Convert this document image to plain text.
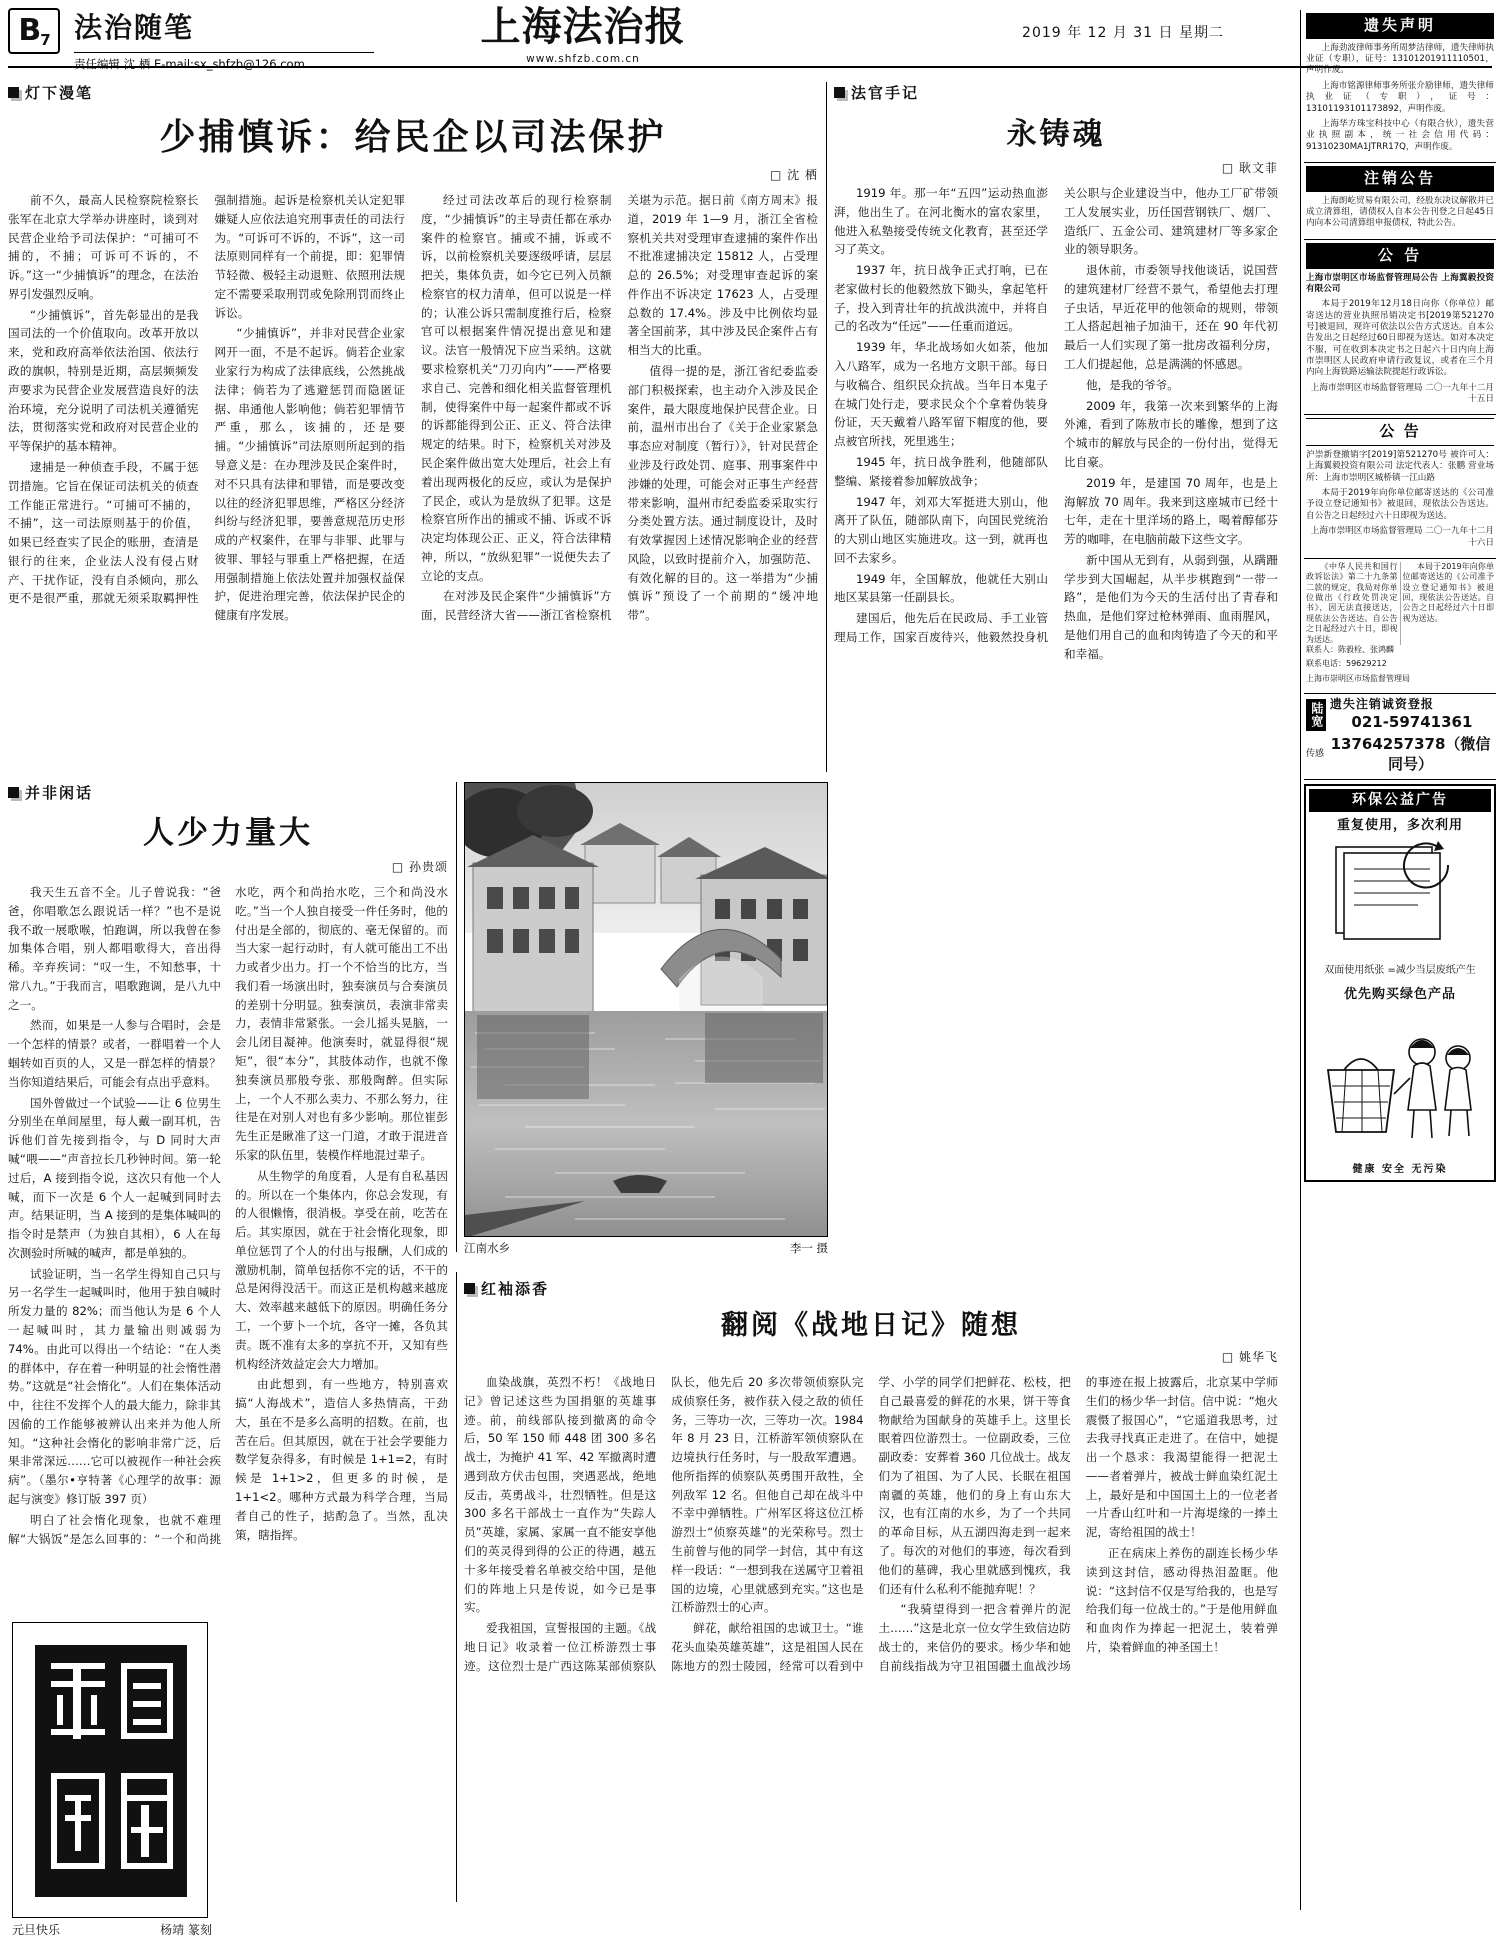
B 7 法治随笔
责任编辑 沈 栖 E-mail:sx_shfzb@126.com
上海法治报
www.shfzb.com.cn
2019 年 12 月 31 日 星期二
灯下漫笔
少捕慎诉：给民企以司法保护
□ 沈 栖

前不久，最高人民检察院检察长张军在北京大学举办讲座时，谈到对民营企业给予司法保护：“可捕可不捕的，不捕；可诉可不诉的，不诉。”这一“少捕慎诉”的理念，在法治界引发强烈反响。

“少捕慎诉”，首先彰显出的是我国司法的一个价值取向。改革开放以来，党和政府高举依法治国、依法行政的旗帜，特别是近期，高层频频发声要求为民营企业发展营造良好的法治环境，充分说明了司法机关遵循宪法，贯彻落实党和政府对民营企业的平等保护的基本精神。

逮捕是一种侦查手段，不属于惩罚措施。它旨在保证司法机关的侦查工作能正常进行。“可捕可不捕的，不捕”，这一司法原则基于的价值，如果已经查实了民企的账册，查清是银行的往来，企业法人没有侵占财产、干扰作证，没有自杀倾向，那么更不是很严重，那就无须采取羁押性强制措施。起诉是检察机关认定犯罪嫌疑人应依法追究刑事责任的司法行为。“可诉可不诉的，不诉”，这一司法原则同样有一个前提，即：犯罪情节轻微、极轻主动退赃、依照刑法规定不需要采取刑罚或免除刑罚而终止诉讼。

“少捕慎诉”，并非对民营企业家网开一面，不是不起诉。倘若企业家业家行为构成了法律底线，公然挑战法律；倘若为了逃避惩罚而隐匿证据、串通他人影响他；倘若犯罪情节严重，那么，该捕的，还是要捕。“少捕慎诉”司法原则所起到的指导意义是：在办理涉及民企案件时，对不只具有法律和罪错，而是要改变以往的经济犯罪思维，严格区分经济纠纷与经济犯罪，要善意规范历史形成的产权案件，在罪与非罪、此罪与彼罪、罪轻与罪重上严格把握，在适用强制措施上依法处置并加强权益保护，促进治理完善，依法保护民企的健康有序发展。

经过司法改革后的现行检察制度，“少捕慎诉”的主导责任都在承办案件的检察官。捕或不捕，诉或不诉，以前检察机关要逐级呼请，层层把关，集体负责，如今它已列入员额检察官的权力清单，但可以说是一样的；认准公诉只需制度推行后，检察官可以根据案件情况提出意见和建议。法官一般情况下应当采纳。这就要求检察机关“刀刃向内”——严格要求自己、完善和细化相关监督管理机制，使得案件中每一起案件都或不诉的诉都能得到公正、正义、符合法律规定的结果。时下，检察机关对涉及民企案件做出宽大处理后，社会上有着出现两极化的反应，或认为是保护了民企，或认为是放纵了犯罪。这是检察官所作出的捕或不捕、诉或不诉决定均体现公正、正义，符合法律精神，所以，“放纵犯罪”一说便失去了立论的支点。

在对涉及民企案件“少捕慎诉”方面，民营经济大省——浙江省检察机关堪为示范。据日前《南方周末》报道，2019 年 1—9 月，浙江全省检察机关共对受理审查逮捕的案件作出不批准逮捕决定 15812 人，占受理总的 26.5%；对受理审查起诉的案件作出不诉决定 17623 人，占受理总数的 17.4%。涉及中比例依均显著全国前茅，其中涉及民企案件占有相当大的比重。

值得一提的是，浙江省纪委监委部门积极探索，也主动介入涉及民企案件，最大限度地保护民营企业。日前，温州市出台了《关于企业家紧急事态应对制度（暂行）》，针对民营企业涉及行政处罚、庭事、刑事案件中涉嫌的处理，可能会对正事生产经营带来影响，温州市纪委监委采取实行分类处置方法。通过制度设计，及时有效掌握因上述情况影响企业的经营风险，以致时提前介入，加强防范、有效化解的目的。这一举措为“少捕慎诉”预设了一个前期的“缓冲地带”。

法官手记
永铸魂
□ 耿文菲

1919 年。那一年“五四”运动热血澎湃，他出生了。在河北衡水的富农家里，他进入私塾接受传统文化教育，甚至还学习了英文。

1937 年，抗日战争正式打响，已在老家做村长的他毅然放下锄头，拿起笔杆子，投入到青壮年的抗战洪流中，并将自己的名改为“任远”——任重而道远。

1939 年，华北战场如火如荼，他加入八路军，成为一名地方文职干部。每日与收稿合、组织民众抗战。当年日本鬼子在城门处行走，要求民众个个拿着伪装身份证，天天戴着八路军留下帽度的他，要点被官所找，死里逃生；

1945 年，抗日战争胜利，他随部队整编、紧接着参加解放战争；

1947 年，刘邓大军挺进大别山，他离开了队伍，随部队南下，向国民党统治的大别山地区实施进攻。这一到，就再也回不去家乡。

1949 年，全国解放，他就任大别山地区某县第一任副县长。

建国后，他先后在民政局、手工业管理局工作，国家百废待兴，他毅然投身机关公职与企业建设当中，他办工厂矿带领工人发展实业，历任国营钢铁厂、烟厂、造纸厂、五金公司、建筑建材厂等多家企业的领导职务。

退休前，市委领导找他谈话，说国营的建筑建材厂经营不景气，希望他去打理子虫话，早近花甲的他领命的规则，带领工人搭起赳袖子加油干，还在 90 年代初最后一人们实现了第一批房改福利分房，工人们提起他，总是满满的怀感恩。

他，是我的爷爷。

2009 年，我第一次来到繁华的上海外滩，看到了陈敖市长的雕像，想到了这个城市的解放与民企的一份付出，觉得无比自豪。

2019 年，是建国 70 周年，也是上海解放 70 周年。我来到这座城市已经十七年，走在十里洋场的路上，喝着醇郁芬芳的咖啡，在电脑前敲下这些文字。

新中国从无到有，从弱到强，从蹒跚学步到大国崛起，从半步棋跑到“一带一路”，是他们为今天的生活付出了青春和热血，是他们穿过枪林弹雨、血雨腥风，是他们用自己的血和肉铸造了今天的和平和幸福。

并非闲话
人少力量大
□ 孙贵颂

我天生五音不全。儿子曾说我：“爸爸，你唱歌怎么跟说话一样？”也不是说我不敢一展歌喉，怕跑调，所以我曾在参加集体合唱，别人都唱歌得大，音出得稀。辛弃疾词：“叹一生，不知愁事，十常八九。”于我而言，唱歌跑调，是八九中之一。

然而，如果是一人参与合唱时，会是一个怎样的情景？或者，一群唱着一个人蝈转如百页的人，又是一群怎样的情景？当你知道结果后，可能会有点出乎意料。

国外曾做过一个试验——让 6 位男生分别坐在单间屋里，每人戴一副耳机，告诉他们首先接到指令，与 D 同时大声喊“喂——”声音拉长几秒钟时间。第一轮过后，A 接到指令说，这次只有他一个人喊，而下一次是 6 个人一起喊到同时去声。结果证明，当 A 接到的是集体喊叫的指令时是禁声（为独自其相），6 人在每次测验时所喊的喊声，都是单独的。

试验证明，当一名学生得知自己只与另一名学生一起喊叫时，他用于独自喊时所发力量的 82%；而当他认为是 6 个人一起喊叫时，其力量输出则减弱为 74%。由此可以得出一个结论：“在人类的群体中，存在着一种明显的社会惰性潜势。”这就是“社会惰化”。人们在集体活动中，往往不发挥个人的最大能力，除非其因偷的工作能够被辨认出来并为他人所知。“这种社会惰化的影响非常广泛，后果非常深远……它可以被视作一种社会疾病”。（墨尔•亨特著《心理学的故事：源起与演变》修订版 397 页）

明白了社会惰化现象，也就不难理解“大锅饭”是怎么回事的：“一个和尚挑水吃，两个和尚抬水吃，三个和尚没水吃。”当一个人独自接受一件任务时，他的付出是全部的，彻底的、毫无保留的。而当大家一起行动时，有人就可能出工不出力或者少出力。打一个不恰当的比方，当我们看一场演出时，独奏演员与合奏演员的差别十分明显。独奏演员，表演非常卖力，表情非常紧张。一会儿摇头晃脑，一会儿闭目凝神。他演奏时，就显得很“规矩”，很“本分”，其肢体动作，也就不像独奏演员那般夸张、那般陶醉。但实际上，一个人不那么卖力、不那么努力，往往是在对别人对也有多少影响。那位崔彭先生正是瞅准了这一门道，才敢于混进音乐家的队伍里，装模作样地混过辈子。

从生物学的角度看，人是有自私基因的。所以在一个集体内，你总会发现，有的人很懒惰，很消极。享受在前，吃苦在后。其实原因，就在于社会惰化现象，即单位惩罚了个人的付出与报酬，人们成的激励机制，简单包括你不完的话，不干的总是闲得没活干。而这正是机构越来越庞大、效率越来越低下的原因。明确任务分工，一个萝卜一个坑，各守一摊，各负其责。既不准有太多的享抗不开，又知有些机构经济效益定会大力增加。

由此想到，有一些地方，特别喜欢搞“人海战术”，造信人多热情高，干劲大，虽在不是多么高明的招数。在前，也苦在后。但其原因，就在于社会学要能力数学复杂得多，有时候是 1+1=2，有时候是 1+1>2，但更多的时候，是 1+1<2。哪种方式最为科学合理，当局者自己的性子，掂酌急了。当然，乱决策，瞎指挥。

江南水乡	李一 摄
红袖添香
翻阅《战地日记》随想
□ 姚华飞

血染战旗，英烈不朽！《战地日记》曾记述这些为国捐躯的英雄事迹。前，前线部队接到撤离的命令后，50 军 150 师 448 团 300 多名战士，为掩护 41 军、42 军撤离时遭遇到敌方伏击包围，突遇恶战，绝地反击，英勇战斗，壮烈牺牲。但是这 300 多名干部战士一直作为“失踪人员”英雄，家属、家属一直不能安享他们的英灵得到得的公正的待遇，越五十多年接受着名单被交给中国，是他们的阵地上只是传说，如今已是事实。

爱我祖国，宣誓报国的主题。《战地日记》收录着一位江桥游烈士事迹。这位烈士是广西这陈某部侦察队队长，他先后 20 多次带领侦察队完成侦察任务，被作获入侵之敌的侦任务，三等功一次，三等功一次。1984 年 8 月 23 日，江桥游军领侦察队在边境执行任务时，与一股敌军遭遇。他所指挥的侦察队英勇围开敌牲，全列敌军 12 名。但他自己却在战斗中不幸中弹牺牲。广州军区将这位江桥游烈士“侦察英雄”的光荣称号。烈士生前曾与他的同学一封信，其中有这样一段话：“一想到我在送属守卫着祖国的边境，心里就感到充实。”这也是江桥游烈士的心声。

鲜花，献给祖国的忠诚卫士。“谁花头血染英雄英雄”，这是祖国人民在陈地方的烈士陵园，经常可以看到中学、小学的同学们把鲜花、松枝，把自己最喜爱的鲜花的水果，饼干等食物献给为国献身的英雄手上。这里长眠着四位游烈士。一位副政委，三位副政委：安葬着 360 几位战士。战友们为了祖国、为了人民、长眠在祖国南疆的英雄，他们的身上有山东大汉，也有江南的水乡，为了一个共同的革命目标，从五湖四海走到一起来了。每次的对他们的事迹，每次看到他们的墓碑，我心里就感到愧疚，我们还有什么私利不能抛弃呢！？

“我骑望得到一把含着弹片的泥土……”这是北京一位女学生致信边防战士的，来信仍的要求。杨少华和她自前线指战为守卫祖国疆土血战沙场的事迹在报上披露后，北京某中学师生们的杨少华一封信。信中说：“炮火震慑了报国心”，“它遥道我思考，过去我寻找真正走进了。在信中，她提出一个恳求：我渴望能得一把泥土——者着弹片，被战士鲜血染红泥土上，最好是和中国国土上的一位老者一片香山红叶和一片海堤缘的一捧土泥，寄给祖国的战士！

正在病床上养伤的副连长杨少华读到这封信，感动得热泪盈眶。他说：“这封信不仅是写给我的，也是写给我们每一位战士的。”于是他用鲜血和血肉作为捧起一把泥土，装着弹片，染着鲜血的神圣国土！

元旦快乐	杨靖 篆刻
遗失声明

上海劲波律师事务所周梦洁律师，遗失律师执业证（专职），证号：13101201911110501，声明作废。

上海市铭源律师事务所张介励律师，遗失律师执业证（专职），证号：13101193101173892，声明作废。

上海华方珠宝科技中心（有限合伙），遗失营业执照副本，统一社会信用代码：91310230MA1JTRR17Q，声明作废。

注销公告

上海朗屹贸易有限公司，经股东决议解散并已成立清算组，请债权人自本公告刊登之日起45日内向本公司清算组申报债权，特此公告。

公 告

上海市崇明区市场监督管理局公告 上海翼毅投资有限公司

本局于2019年12月18日向你（你单位）邮寄送达的营业执照吊销决定书[2019第521270号]被退回，现许可依法以公告方式送达。自本公告发出之日起经过60日即视为送达。如对本决定不服，可在收到本决定书之日起六十日内向上海市崇明区人民政府申请行政复议，或者在三个月内向上海铁路运输法院提起行政诉讼。

上海市崇明区市场监督管理局 二〇一九年十二月十五日

公 告

沪崇新登撤销字[2019]第521270号 被许可人：上海翼毅投资有限公司 法定代表人：张鹏 营业场所：上海市崇明区城桥镇一江山路

本局于2019年向你单位邮寄送达的《公司准予设立登记通知书》被退回，现依法公告送达。自公告之日起经过六十日即视为送达。

上海市崇明区市场监督管理局 二〇一九年十二月十六日

《中华人民共和国行政诉讼法》第二十九条第二款的规定，我局对你单位做出《行政处罚决定书》，因无法直接送达，现依法公告送达。自公告之日起经过六十日，即视为送达。

本局于2019年向你单位邮寄送达的《公司准予设立登记通知书》被退回，现依法公告送达。自公告之日起经过六十日即视为送达。

联系人：陈毅栓、张鸿麟

联系电话：59629212

上海市崇明区市场监督管理局

陆宽 遗失注销诚资登报
021-59741361
传感
13764257378（微信同号）
环保公益广告
重复使用，多次利用
双面使用纸张 =减少当层废纸产生
优先购买绿色产品
健康 安全 无污染
